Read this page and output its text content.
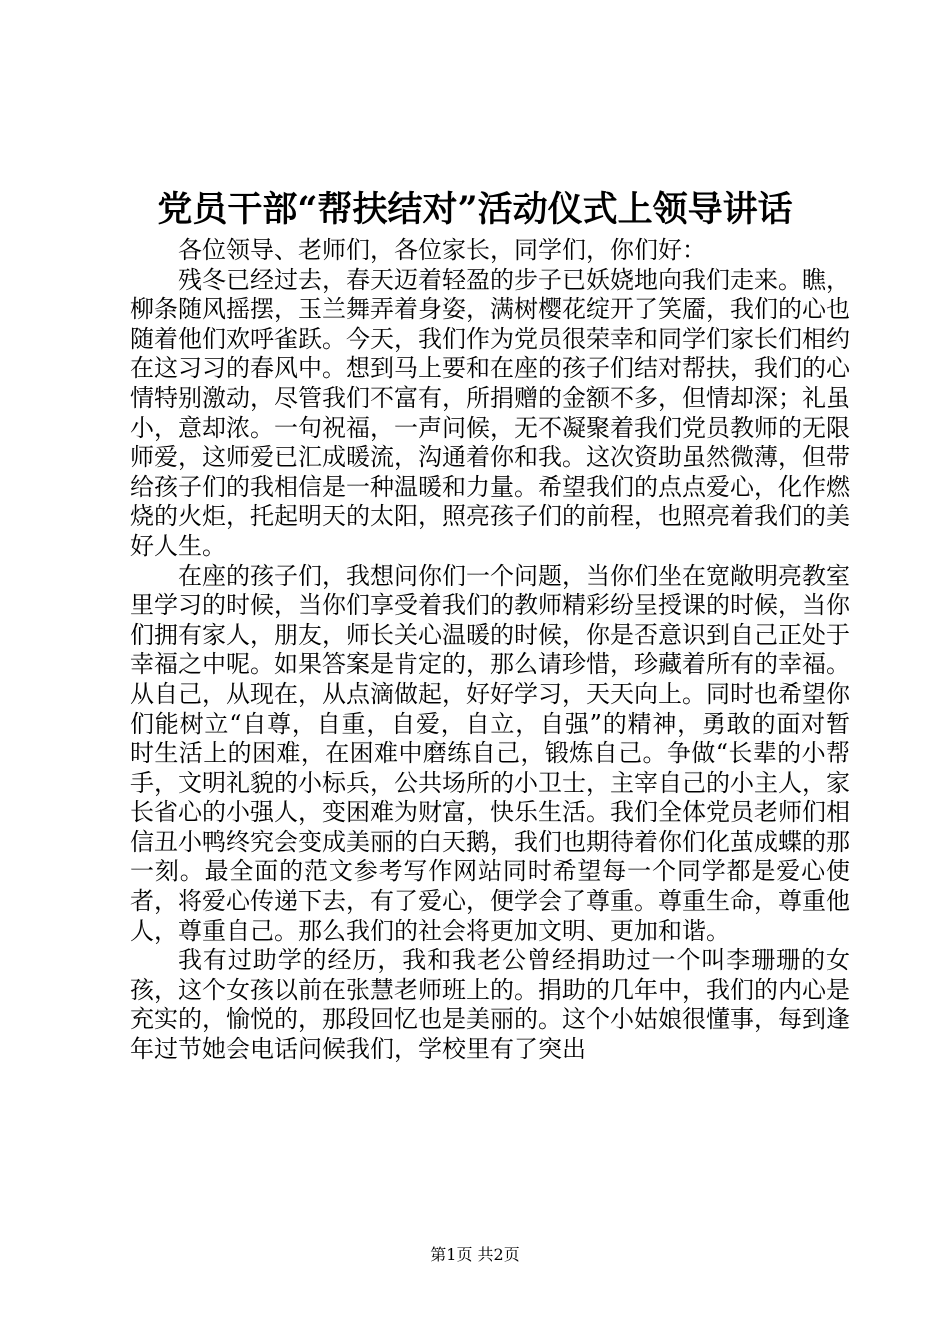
党员干部“帮扶结对”活动仪式上领导讲话

各位领导、老师们，各位家长，同学们，你们好：

残冬已经过去，春天迈着轻盈的步子已妖娆地向我们走来。瞧，柳条随风摇摆，玉兰舞弄着身姿，满树樱花绽开了笑靥，我们的心也随着他们欢呼雀跃。今天，我们作为党员很荣幸和同学们家长们相约在这习习的春风中。想到马上要和在座的孩子们结对帮扶，我们的心情特别激动，尽管我们不富有，所捐赠的金额不多，但情却深；礼虽小，意却浓。一句祝福，一声问候，无不凝聚着我们党员教师的无限师爱，这师爱已汇成暖流，沟通着你和我。这次资助虽然微薄，但带给孩子们的我相信是一种温暖和力量。希望我们的点点爱心，化作燃烧的火炬，托起明天的太阳，照亮孩子们的前程，也照亮着我们的美好人生。

在座的孩子们，我想问你们一个问题，当你们坐在宽敞明亮教室里学习的时候，当你们享受着我们的教师精彩纷呈授课的时候，当你们拥有家人，朋友，师长关心温暖的时候，你是否意识到自己正处于幸福之中呢。如果答案是肯定的，那么请珍惜，珍藏着所有的幸福。从自己，从现在，从点滴做起，好好学习，天天向上。同时也希望你们能树立“自尊，自重，自爱，自立，自强”的精神，勇敢的面对暂时生活上的困难，在困难中磨练自己，锻炼自己。争做“长辈的小帮手，文明礼貌的小标兵，公共场所的小卫士，主宰自己的小主人，家长省心的小强人，变困难为财富，快乐生活。我们全体党员老师们相信丑小鸭终究会变成美丽的白天鹅，我们也期待着你们化茧成蝶的那一刻。最全面的范文参考写作网站同时希望每一个同学都是爱心使者，将爱心传递下去，有了爱心，便学会了尊重。尊重生命，尊重他人，尊重自己。那么我们的社会将更加文明、更加和谐。

我有过助学的经历，我和我老公曾经捐助过一个叫李珊珊的女孩，这个女孩以前在张慧老师班上的。捐助的几年中，我们的内心是充实的，愉悦的，那段回忆也是美丽的。这个小姑娘很懂事，每到逢年过节她会电话问候我们，学校里有了突出

第1页 共2页
